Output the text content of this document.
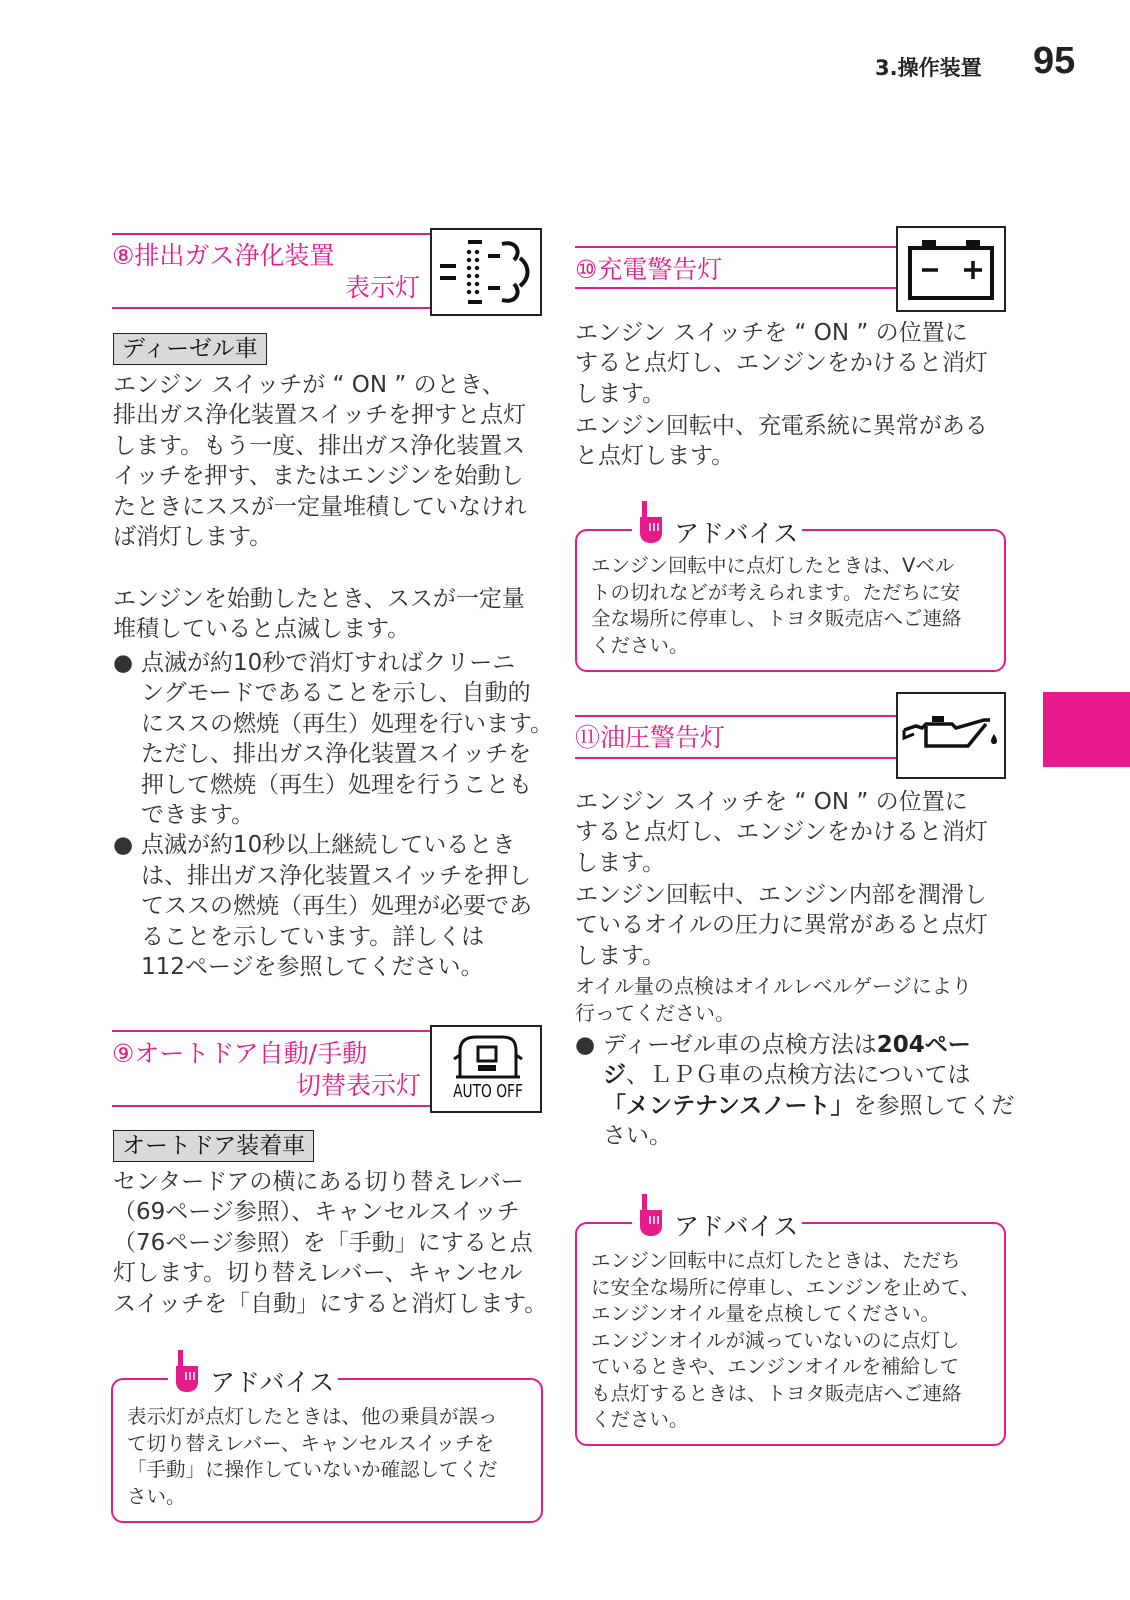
3.操作装置 95
⑧排出ガス浄化装置
表示灯
ディーゼル車

エンジン スイッチが “ ON ” のとき、

排出ガス浄化装置スイッチを押すと点灯

します。もう一度、排出ガス浄化装置ス

イッチを押す、またはエンジンを始動し

たときにススが一定量堆積していなけれ

ば消灯します。

エンジンを始動したとき、ススが一定量

堆積していると点滅します。

● 点滅が約10秒で消灯すればクリーニ

ングモードであることを示し、自動的

にススの燃焼（再生）処理を行います。

ただし、排出ガス浄化装置スイッチを

押して燃焼（再生）処理を行うことも

できます。

● 点滅が約10秒以上継続しているとき

は、排出ガス浄化装置スイッチを押し

てススの燃焼（再生）処理が必要であ

ることを示しています。詳しくは

112ページを参照してください。

⑨オートドア自動/手動
切替表示灯	AUTO OFF
オートドア装着車

センタードアの横にある切り替えレバー

（69ページ参照）、キャンセルスイッチ

（76ページ参照）を「手動」にすると点

灯します。切り替えレバー、キャンセル

スイッチを「自動」にすると消灯します。

アドバイス
表示灯が点灯したときは、他の乗員が誤っ
て切り替えレバー、キャンセルスイッチを
「手動」に操作していないか確認してくだ
さい。
⑩充電警告灯

エンジン スイッチを “ ON ” の位置に

すると点灯し、エンジンをかけると消灯

します。

エンジン回転中、充電系統に異常がある

と点灯します。

アドバイス
エンジン回転中に点灯したときは、Vベル
トの切れなどが考えられます。ただちに安
全な場所に停車し、トヨタ販売店へご連絡
ください。
⑪油圧警告灯

エンジン スイッチを “ ON ” の位置に

すると点灯し、エンジンをかけると消灯

します。

エンジン回転中、エンジン内部を潤滑し

ているオイルの圧力に異常があると点灯

します。

オイル量の点検はオイルレベルゲージにより

行ってください。

● ディーゼル車の点検方法は204ペー

ジ、ＬＰＧ車の点検方法については

「メンテナンスノート」を参照してくだ

さい。

アドバイス
エンジン回転中に点灯したときは、ただち
に安全な場所に停車し、エンジンを止めて、
エンジンオイル量を点検してください。
エンジンオイルが減っていないのに点灯し
ているときや、エンジンオイルを補給して
も点灯するときは、トヨタ販売店へご連絡
ください。
